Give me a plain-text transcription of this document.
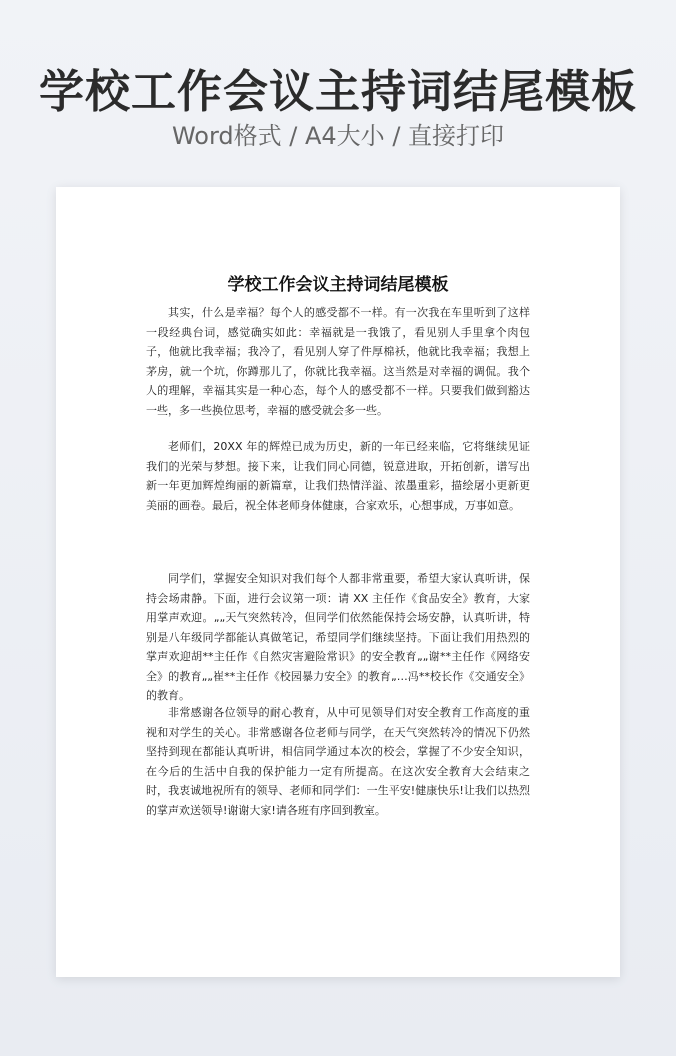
学校工作会议主持词结尾模板
Word格式 / A4大小 / 直接打印
学校工作会议主持词结尾模板

其实，什么是幸福？每个人的感受都不一样。有一次我在车里听到了这样一段经典台词，感觉确实如此：幸福就是一我饿了，看见别人手里拿个肉包子，他就比我幸福；我冷了，看见别人穿了件厚棉袄，他就比我幸福；我想上茅房，就一个坑，你蹲那儿了，你就比我幸福。这当然是对幸福的调侃。我个人的理解，幸福其实是一种心态，每个人的感受都不一样。只要我们做到豁达一些，多一些换位思考，幸福的感受就会多一些。

老师们，20XX 年的辉煌已成为历史，新的一年已经来临，它将继续见证我们的光荣与梦想。接下来，让我们同心同德，锐意进取，开拓创新，谱写出新一年更加辉煌绚丽的新篇章，让我们热情洋溢、浓墨重彩，描绘屠小更新更美丽的画卷。最后，祝全体老师身体健康，合家欢乐，心想事成，万事如意。

同学们，掌握安全知识对我们每个人都非常重要，希望大家认真听讲，保持会场肃静。下面，进行会议第一项：请 XX 主任作《食品安全》教育，大家用掌声欢迎。„„天气突然转冷，但同学们依然能保持会场安静，认真听讲，特别是八年级同学都能认真做笔记，希望同学们继续坚持。下面让我们用热烈的掌声欢迎胡**主任作《自然灾害避险常识》的安全教育„„谢**主任作《网络安全》的教育„„崔**主任作《校园暴力安全》的教育„…冯**校长作《交通安全》的教育。

非常感谢各位领导的耐心教育，从中可见领导们对安全教育工作高度的重视和对学生的关心。非常感谢各位老师与同学，在天气突然转冷的情况下仍然坚持到现在都能认真听讲，相信同学通过本次的校会，掌握了不少安全知识，在今后的生活中自我的保护能力一定有所提高。在这次安全教育大会结束之时，我衷诚地祝所有的领导、老师和同学们：一生平安!健康快乐!让我们以热烈的掌声欢送领导!谢谢大家!请各班有序回到教室。
